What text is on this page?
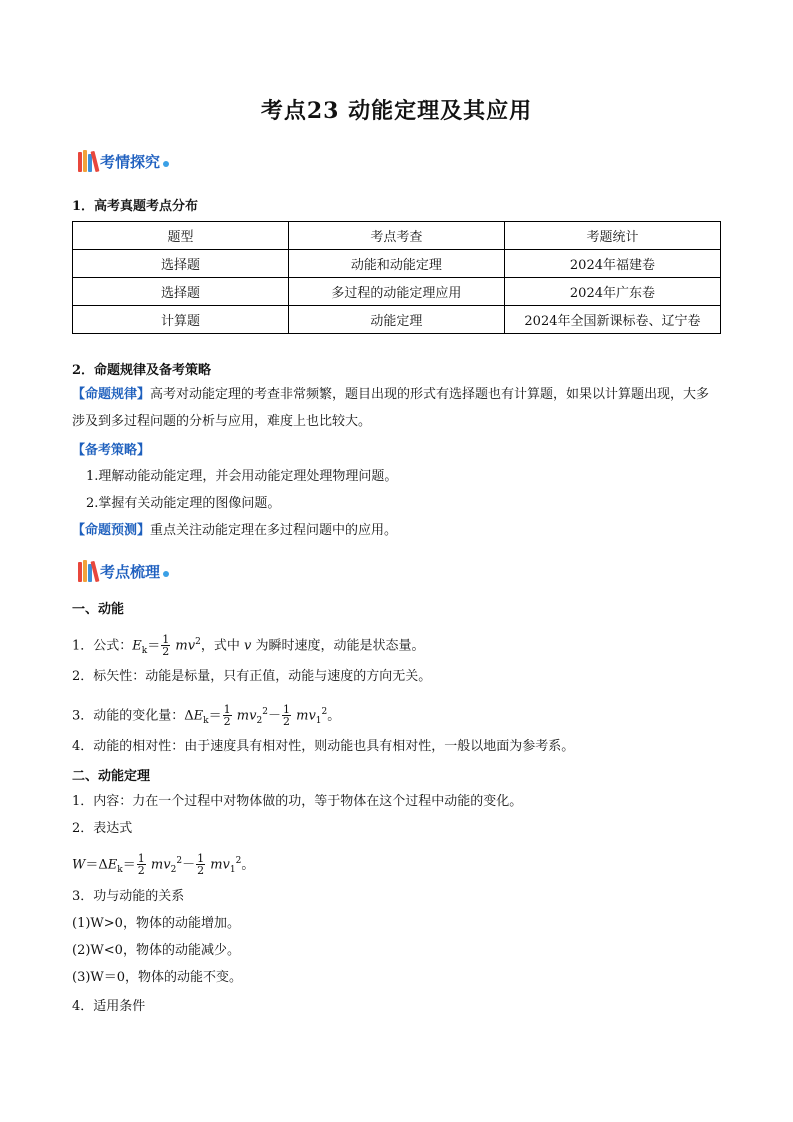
考点23 动能定理及其应用
考情探究
1．高考真题考点分布
题型	考点考查	考题统计
选择题	动能和动能定理	2024年福建卷
选择题	多过程的动能定理应用	2024年广东卷
计算题	动能定理	2024年全国新课标卷、辽宁卷
2．命题规律及备考策略
【命题规律】高考对动能定理的考查非常频繁，题目出现的形式有选择题也有计算题，如果以计算题出现，大多涉及到多过程问题的分析与应用，难度上也比较大。
【备考策略】
1.理解动能动能定理，并会用动能定理处理物理问题。
2.掌握有关动能定理的图像问题。
【命题预测】重点关注动能定理在多过程问题中的应用。
考点梳理
一、动能
1．公式：$E_k= \frac{1}{2} mv^2$，式中 v 为瞬时速度，动能是状态量。
2．标矢性：动能是标量，只有正值，动能与速度的方向无关。
3．动能的变化量：$\Delta E_k= \frac{1}{2} mv_2^2- \frac{1}{2} mv_1^2$。
4．动能的相对性：由于速度具有相对性，则动能也具有相对性，一般以地面为参考系。
二、动能定理
1．内容：力在一个过程中对物体做的功，等于物体在这个过程中动能的变化。
2．表达式
$W=\Delta E_k= \frac{1}{2} mv_2^2- \frac{1}{2} mv_1^2$。
3．功与动能的关系
(1)W>0，物体的动能增加。
(2)W<0，物体的动能减少。
(3)W＝0，物体的动能不变。
4．适用条件
